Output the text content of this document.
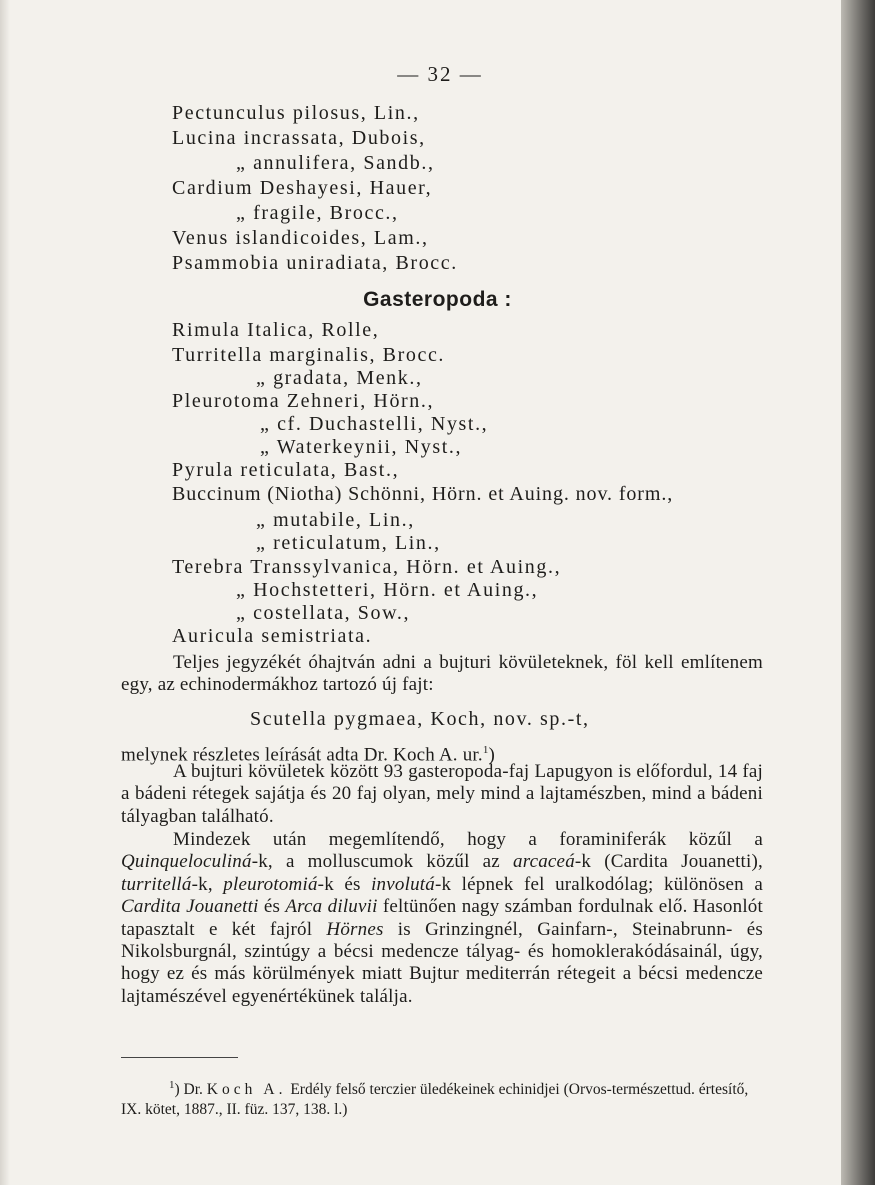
— 32 —
Pectunculus pilosus, Lin.,
Lucina incrassata, Dubois,
„ annulifera, Sandb.,
Cardium Deshayesi, Hauer,
„ fragile, Brocc.,
Venus islandicoides, Lam.,
Psammobia uniradiata, Brocc.
Gasteropoda :
Rimula Italica, Rolle,
Turritella marginalis, Brocc.
„ gradata, Menk.,
Pleurotoma Zehneri, Hörn.,
„ cf. Duchastelli, Nyst.,
„ Waterkeynii, Nyst.,
Pyrula reticulata, Bast.,
Buccinum (Niotha) Schönni, Hörn. et Auing. nov. form.,
„ mutabile, Lin.,
„ reticulatum, Lin.,
Terebra Transsylvanica, Hörn. et Auing.,
„ Hochstetteri, Hörn. et Auing.,
„ costellata, Sow.,
Auricula semistriata.
Teljes jegyzékét óhajtván adni a bujturi kövületeknek, föl kell említenem egy, az echinodermákhoz tartozó új fajt:
Scutella pygmaea, Koch, nov. sp.-t,
melynek részletes leírását adta Dr. Koch A. ur.$^1$)
A bujturi kövületek között 93 gasteropoda-faj Lapugyon is előfordul, 14 faj a bádeni rétegek sajátja és 20 faj olyan, mely mind a lajtamészben, mind a bádeni tályagban található.
Mindezek után megemlítendő, hogy a foraminiferák közűl a Quinqueloculiná-k, a molluscumok közűl az arcaceá-k (Cardita Jouanetti), turritellá-k, pleurotomiá-k és involutá-k lépnek fel uralkodólag; különösen a Cardita Jouanetti és Arca diluvii feltünően nagy számban fordulnak elő. Hasonlót tapasztalt e két fajról Hörnes is Grinzingnél, Gainfarn-, Steinabrunn- és Nikolsburgnál, szintúgy a bécsi medencze tályag- és homoklerakódásainál, úgy, hogy ez és más körülmények miatt Bujtur mediterrán rétegeit a bécsi medencze lajtamészével egyenértékünek találja.
$^1$) Dr. Koch A. Erdély felső terczier üledékeinek echinidjei (Orvos-természettud. értesítő, IX. kötet, 1887., II. füz. 137, 138. l.)
